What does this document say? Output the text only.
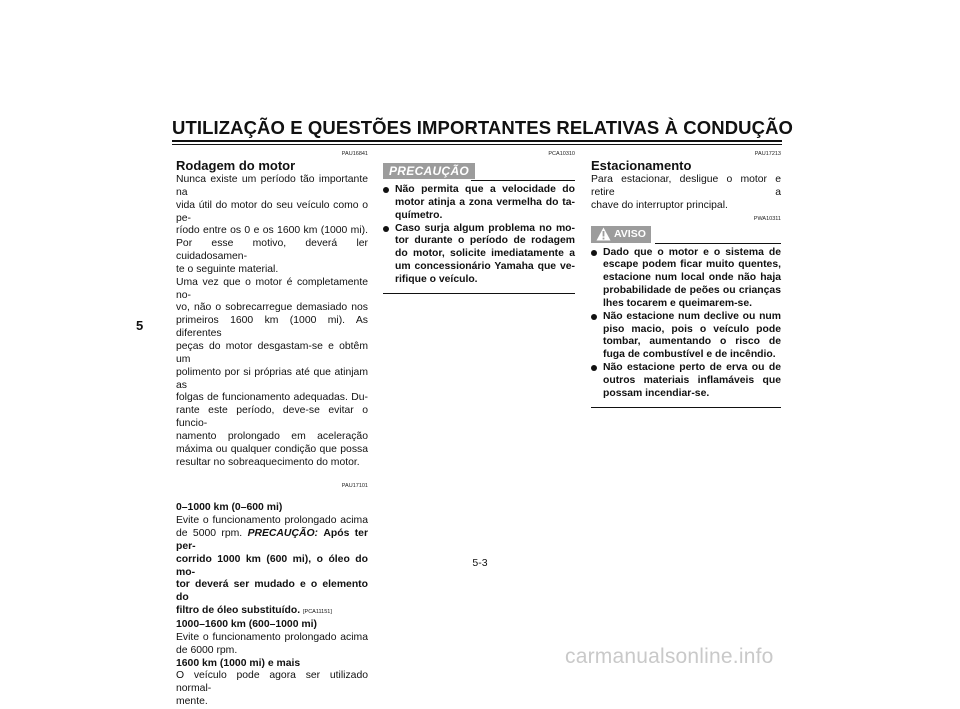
UTILIZAÇÃO E QUESTÕES IMPORTANTES RELATIVAS À CONDUÇÃO
5
PAU16841
Rodagem do motor
Nunca existe um período tão importante na
vida útil do motor do seu veículo como o pe-
ríodo entre os 0 e os 1600 km (1000 mi).
Por esse motivo, deverá ler cuidadosamen-
te o seguinte material.
Uma vez que o motor é completamente no-
vo, não o sobrecarregue demasiado nos
primeiros 1600 km (1000 mi). As diferentes
peças do motor desgastam-se e obtêm um
polimento por si próprias até que atinjam as
folgas de funcionamento adequadas. Du-
rante este período, deve-se evitar o funcio-
namento prolongado em aceleração
máxima ou qualquer condição que possa
resultar no sobreaquecimento do motor.
PAU17101
0–1000 km (0–600 mi)
Evite o funcionamento prolongado acima
de 5000 rpm. PRECAUÇÃO: Após ter per-
corrido 1000 km (600 mi), o óleo do mo-
tor deverá ser mudado e o elemento do
filtro de óleo substituído. [PCA11151]
1000–1600 km (600–1000 mi)
Evite o funcionamento prolongado acima
de 6000 rpm.
1600 km (1000 mi) e mais
O veículo pode agora ser utilizado normal-
mente.
PCA10310
PRECAUÇÃO
Não permita que a velocidade do
motor atinja a zona vermelha do ta-
químetro.
Caso surja algum problema no mo-
tor durante o período de rodagem
do motor, solicite imediatamente a
um concessionário Yamaha que ve-
rifique o veículo.
PAU17213
Estacionamento
Para estacionar, desligue o motor e retire a
chave do interruptor principal.
PWA10311
AVISO
Dado que o motor e o sistema de
escape podem ficar muito quentes,
estacione num local onde não haja
probabilidade de peões ou crianças
lhes tocarem e queimarem-se.
Não estacione num declive ou num
piso macio, pois o veículo pode
tombar, aumentando o risco de
fuga de combustível e de incêndio.
Não estacione perto de erva ou de
outros materiais inflamáveis que
possam incendiar-se.
5-3
carmanualsonline.info
